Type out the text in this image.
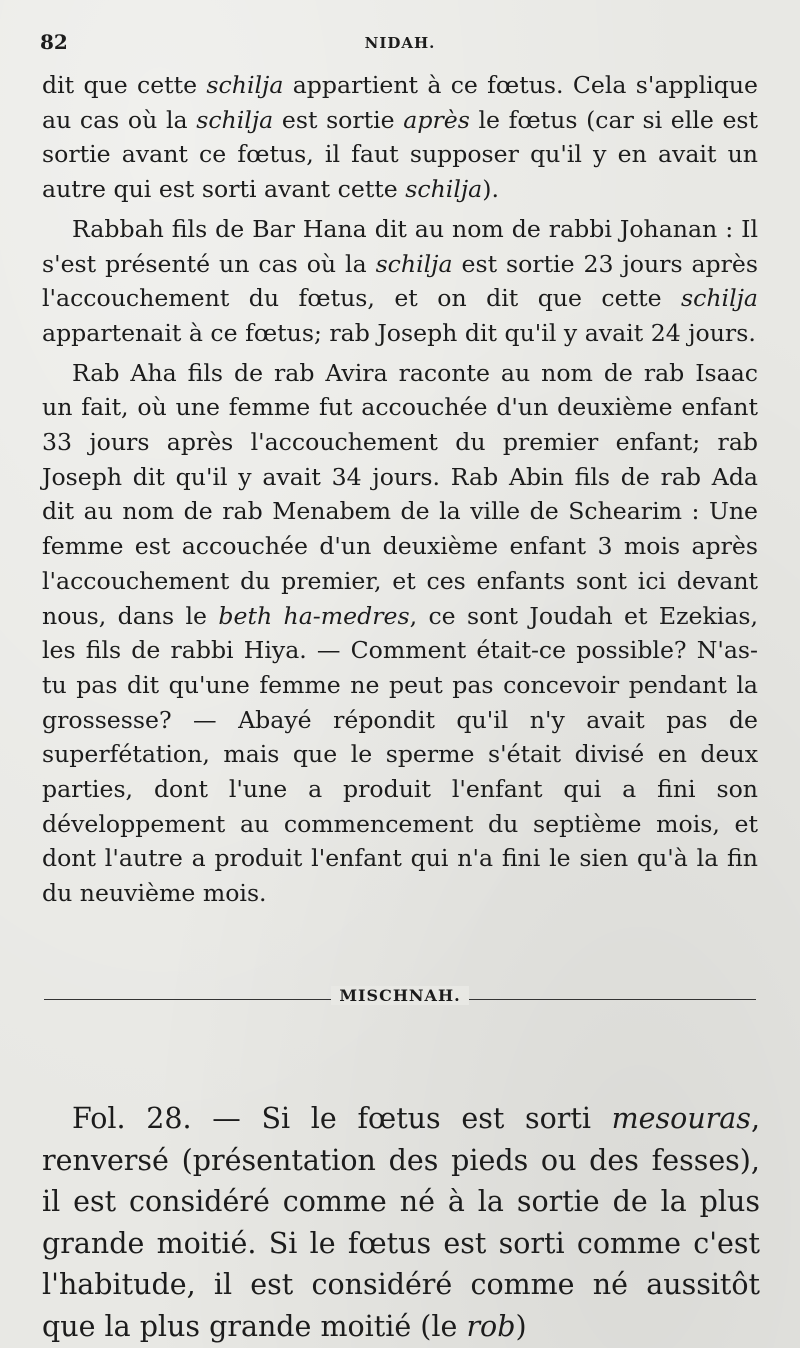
82	NIDAH.

dit que cette schilja appartient à ce fœtus. Cela s'applique au cas où la schilja est sortie après le fœtus (car si elle est sortie avant ce fœtus, il faut supposer qu'il y en avait un autre qui est sorti avant cette schilja).

Rabbah fils de Bar Hana dit au nom de rabbi Johanan : Il s'est présenté un cas où la schilja est sortie 23 jours après l'accouchement du fœtus, et on dit que cette schilja appartenait à ce fœtus; rab Joseph dit qu'il y avait 24 jours.

Rab Aha fils de rab Avira raconte au nom de rab Isaac un fait, où une femme fut accouchée d'un deuxième enfant 33 jours après l'accouchement du premier enfant; rab Joseph dit qu'il y avait 34 jours. Rab Abin fils de rab Ada dit au nom de rab Menabem de la ville de Schearim : Une femme est accouchée d'un deuxième enfant 3 mois après l'accouchement du premier, et ces enfants sont ici devant nous, dans le beth ha-medres, ce sont Joudah et Ezekias, les fils de rabbi Hiya. — Comment était-ce possible? N'as-tu pas dit qu'une femme ne peut pas concevoir pendant la grossesse? — Abayé répondit qu'il n'y avait pas de superfétation, mais que le sperme s'était divisé en deux parties, dont l'une a produit l'enfant qui a fini son développement au commencement du septième mois, et dont l'autre a produit l'enfant qui n'a fini le sien qu'à la fin du neuvième mois.

MISCHNAH.

Fol. 28. — Si le fœtus est sorti mesouras, renversé (présentation des pieds ou des fesses), il est considéré comme né à la sortie de la plus grande moitié. Si le fœtus est sorti comme c'est l'habitude, il est considéré comme né aussitôt que la plus grande moitié (le rob)
